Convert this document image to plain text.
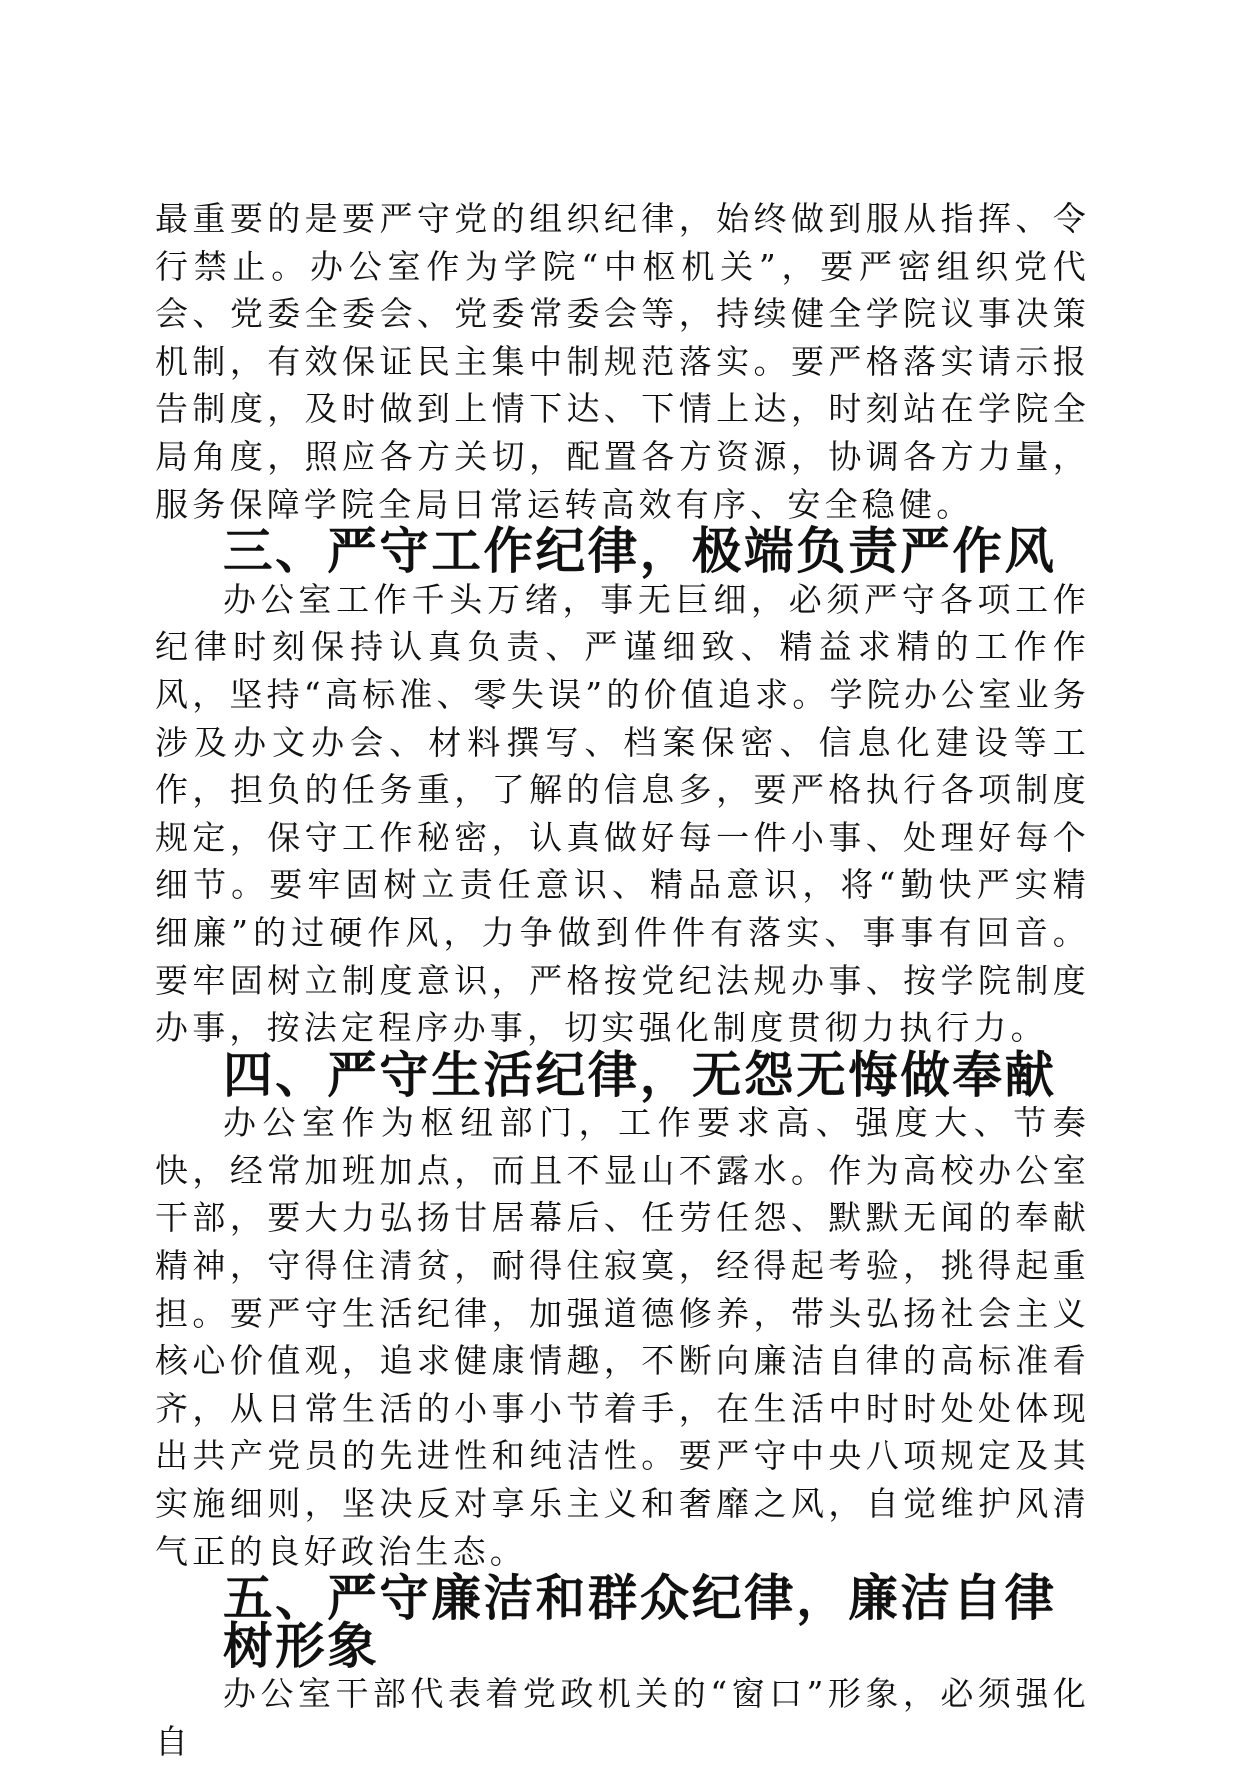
最重要的是要严守党的组织纪律，始终做到服从指挥、令行禁止。办公室作为学院“中枢机关”，要严密组织党代会、党委全委会、党委常委会等，持续健全学院议事决策机制，有效保证民主集中制规范落实。要严格落实请示报告制度，及时做到上情下达、下情上达，时刻站在学院全局角度，照应各方关切，配置各方资源，协调各方力量，服务保障学院全局日常运转高效有序、安全稳健。

三、严守工作纪律，极端负责严作风

办公室工作千头万绪，事无巨细，必须严守各项工作纪律时刻保持认真负责、严谨细致、精益求精的工作作风，坚持“高标准、零失误”的价值追求。学院办公室业务涉及办文办会、材料撰写、档案保密、信息化建设等工作，担负的任务重，了解的信息多，要严格执行各项制度规定，保守工作秘密，认真做好每一件小事、处理好每个细节。要牢固树立责任意识、精品意识，将“勤快严实精细廉”的过硬作风，力争做到件件有落实、事事有回音。要牢固树立制度意识，严格按党纪法规办事、按学院制度办事，按法定程序办事，切实强化制度贯彻力执行力。

四、严守生活纪律，无怨无悔做奉献

办公室作为枢纽部门，工作要求高、强度大、节奏快，经常加班加点，而且不显山不露水。作为高校办公室干部，要大力弘扬甘居幕后、任劳任怨、默默无闻的奉献精神，守得住清贫，耐得住寂寞，经得起考验，挑得起重担。要严守生活纪律，加强道德修养，带头弘扬社会主义核心价值观，追求健康情趣，不断向廉洁自律的高标准看齐，从日常生活的小事小节着手，在生活中时时处处体现出共产党员的先进性和纯洁性。要严守中央八项规定及其实施细则，坚决反对享乐主义和奢靡之风，自觉维护风清气正的良好政治生态。

五、严守廉洁和群众纪律，廉洁自律树形象

办公室干部代表着党政机关的“窗口”形象，必须强化自
